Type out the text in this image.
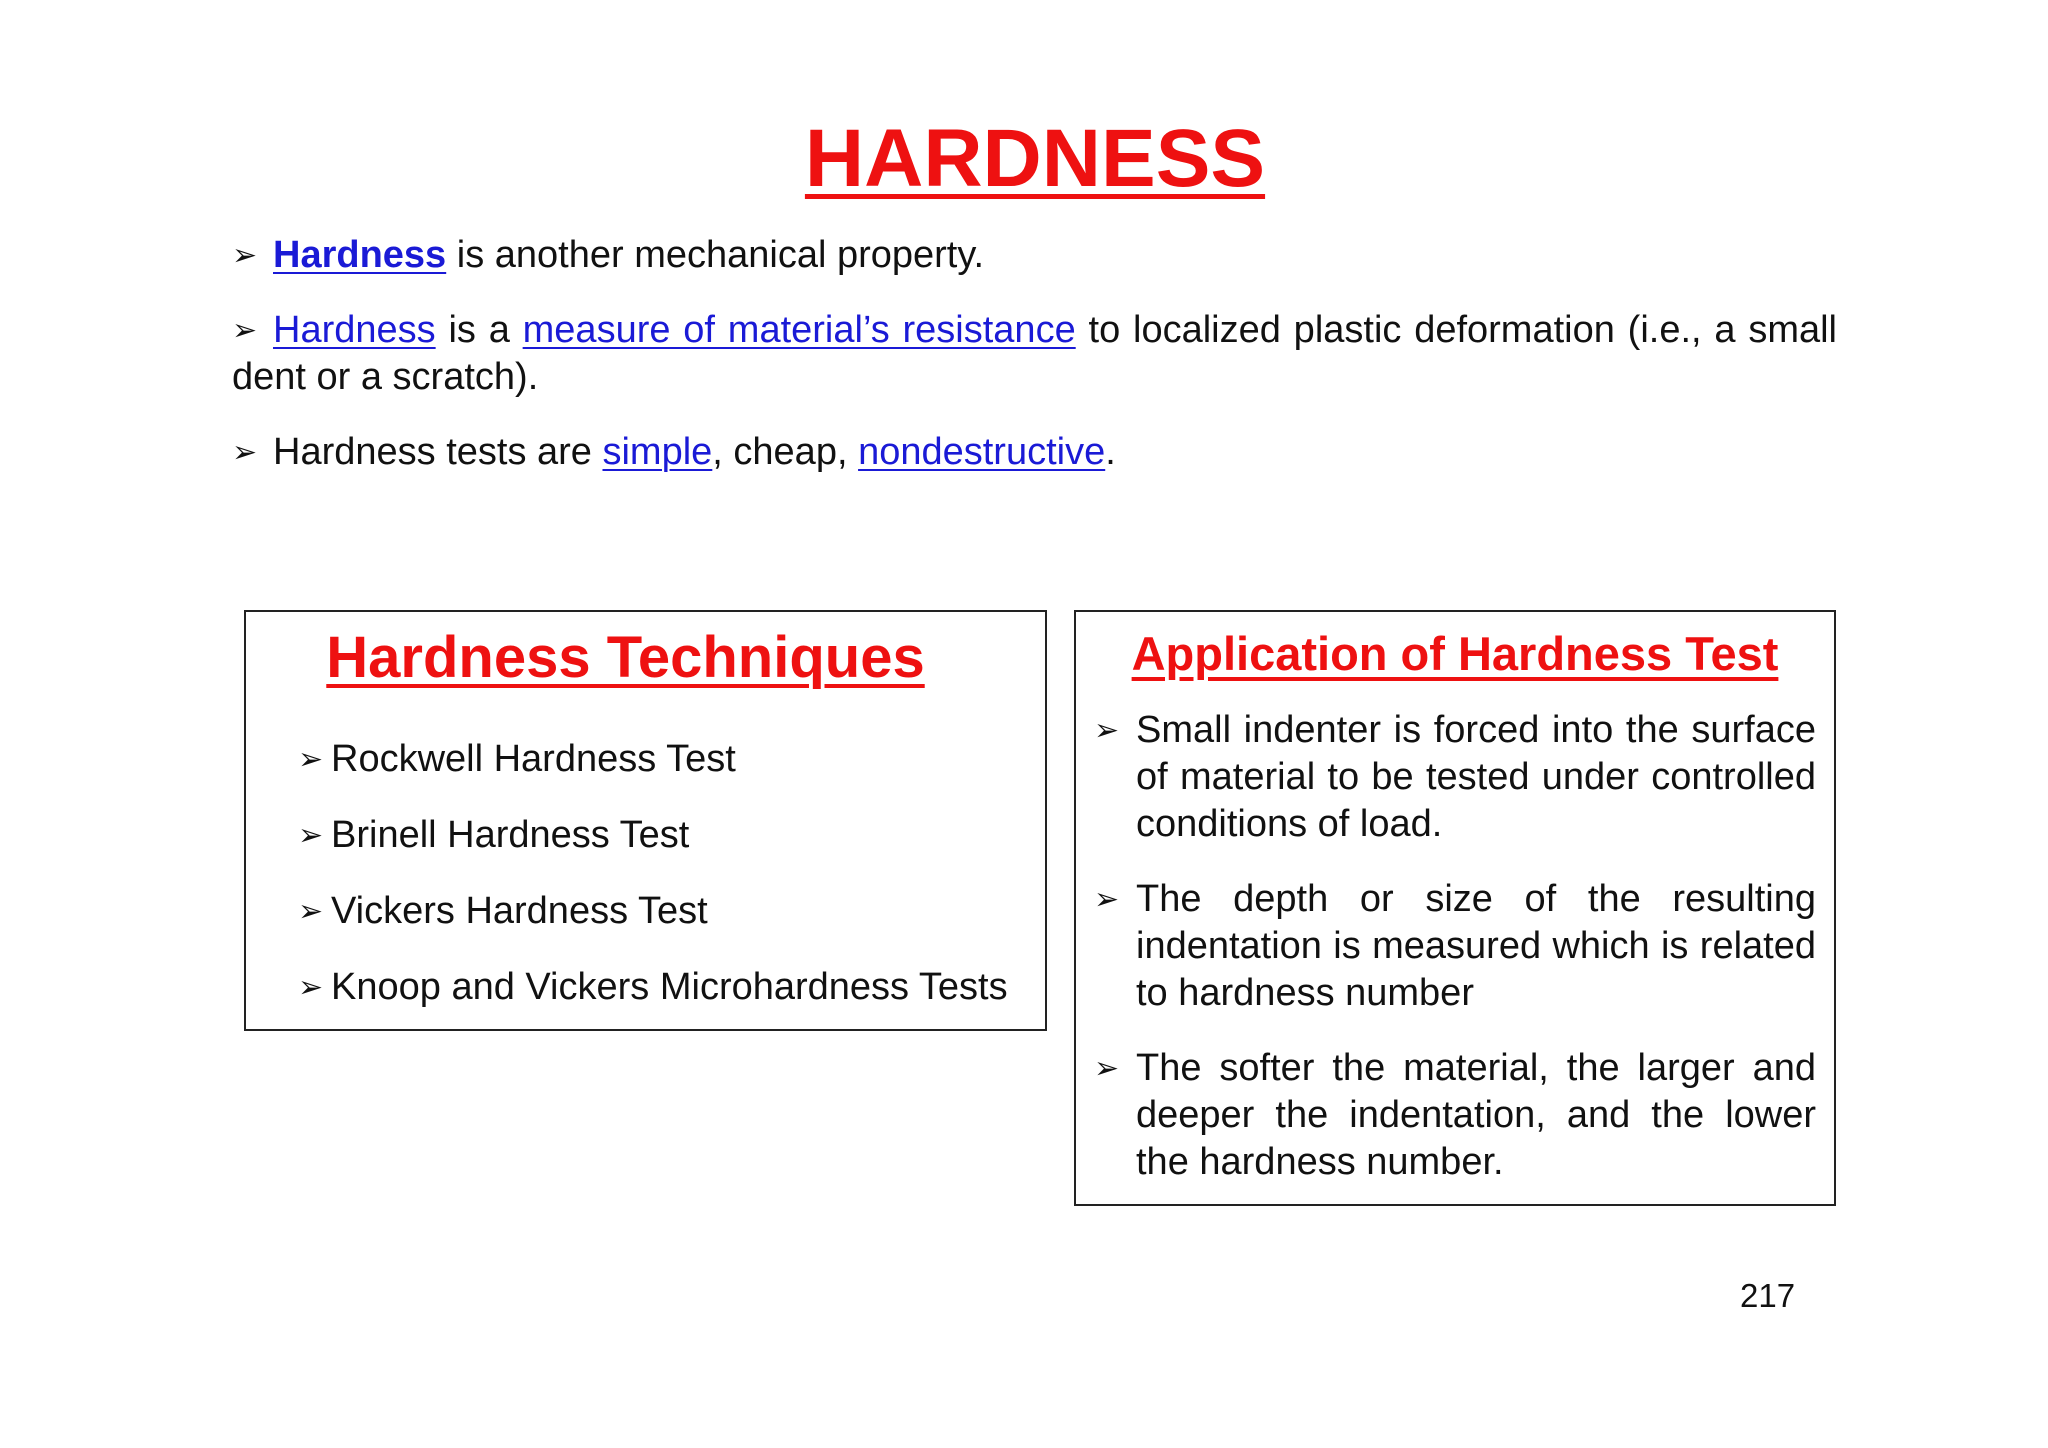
HARDNESS
➢ Hardness is another mechanical property.
➢ Hardness is a measure of material’s resistance to localized plastic deformation (i.e., a small dent or a scratch).
➢ Hardness tests are simple, cheap, nondestructive.
Hardness Techniques
➢ Rockwell Hardness Test
➢ Brinell Hardness Test
➢ Vickers Hardness Test
➢ Knoop and Vickers Microhardness Tests
Application of Hardness Test
➢ Small indenter is forced into the surface of material to be tested under controlled conditions of load.
➢ The depth or size of the resulting indentation is measured which is related to hardness number
➢ The softer the material, the larger and deeper the indentation, and the lower the hardness number.
217
